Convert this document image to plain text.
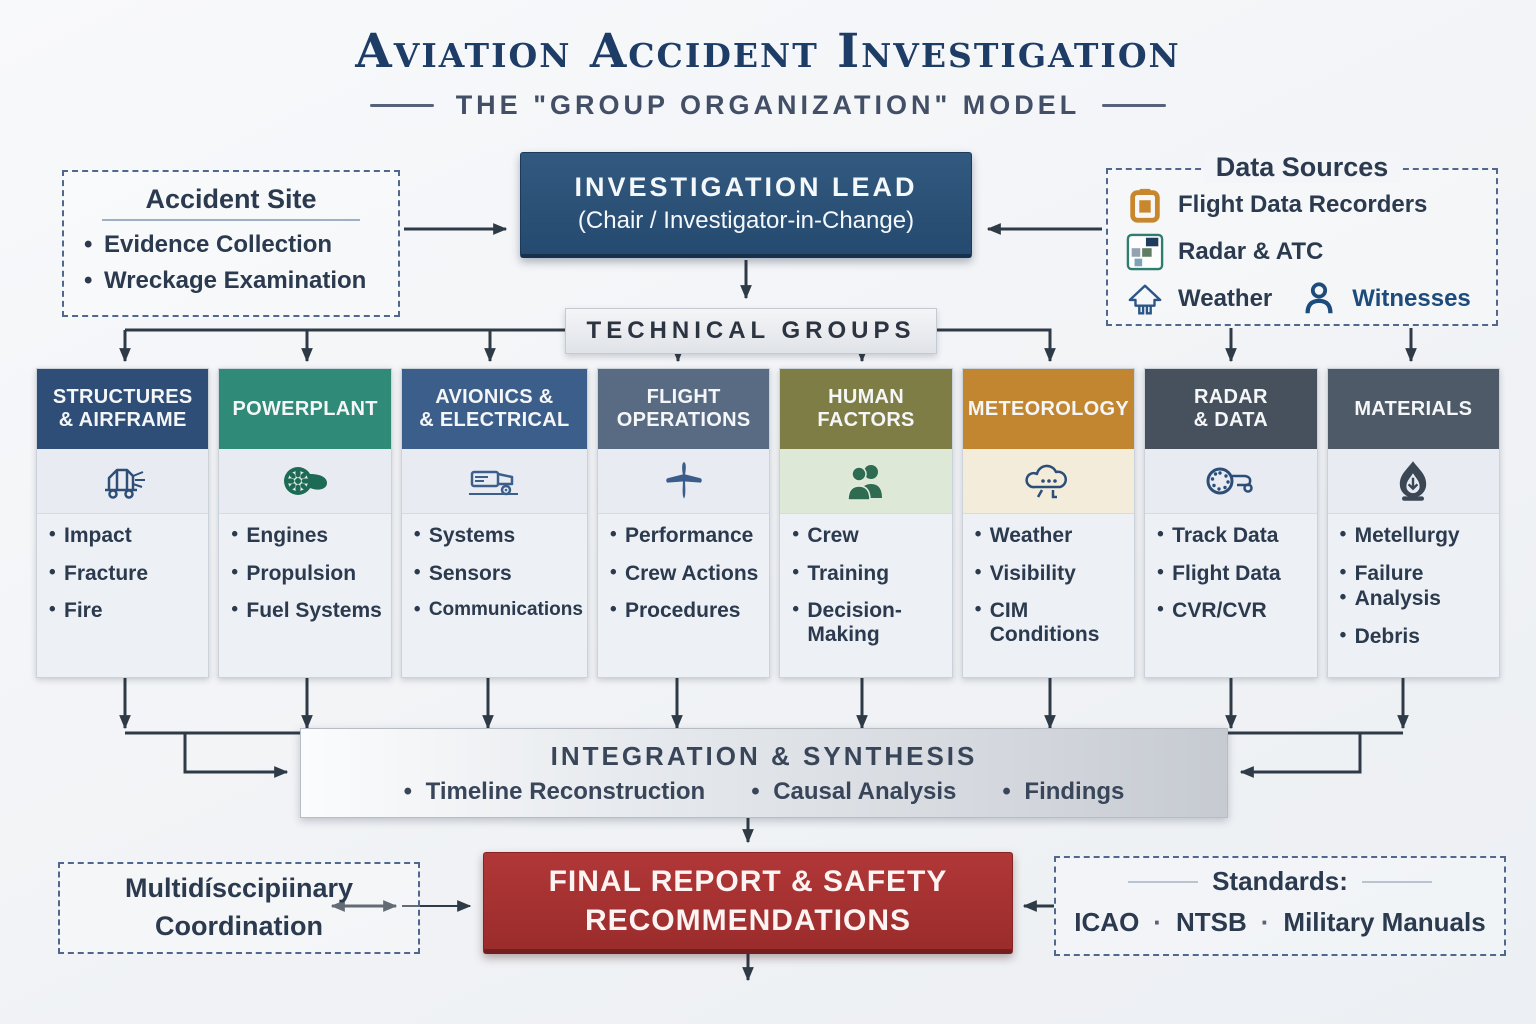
Aviation Accident Investigation
THE "GROUP ORGANIZATION" MODEL
Accident Site
• Evidence Collection
• Wreckage Examination
INVESTIGATION LEAD
(Chair / Investigator-in-Change)
Data Sources
Flight Data Recorders
Radar & ATC
Weather	Witnesses
TECHNICAL GROUPS
STRUCTURES
& AIRFRAME
• Impact
• Fracture
• Fire
POWERPLANT
• Engines
• Propulsion
• Fuel Systems
AVIONICS &
& ELECTRICAL
• Systems
• Sensors
• Communications
FLIGHT
OPERATIONS
• Performance
• Crew Actions
• Procedures
HUMAN
FACTORS
• Crew
• Training
• Decision-Making
METEOROLOGY
• Weather
• Visibility
• CIM Conditions
RADAR
& DATA
• Track Data
• Flight Data
• CVR/CVR
MATERIALS
• Metellurgy
• Failure
• Analysis
• Debris
INTEGRATION & SYNTHESIS
• Timeline Reconstruction	• Causal Analysis	• Findings
FINAL REPORT & SAFETY
RECOMMENDATIONS
Multidísccipiinary
Coordination
Standards:
ICAO	· NTSB	· Military Manuals
